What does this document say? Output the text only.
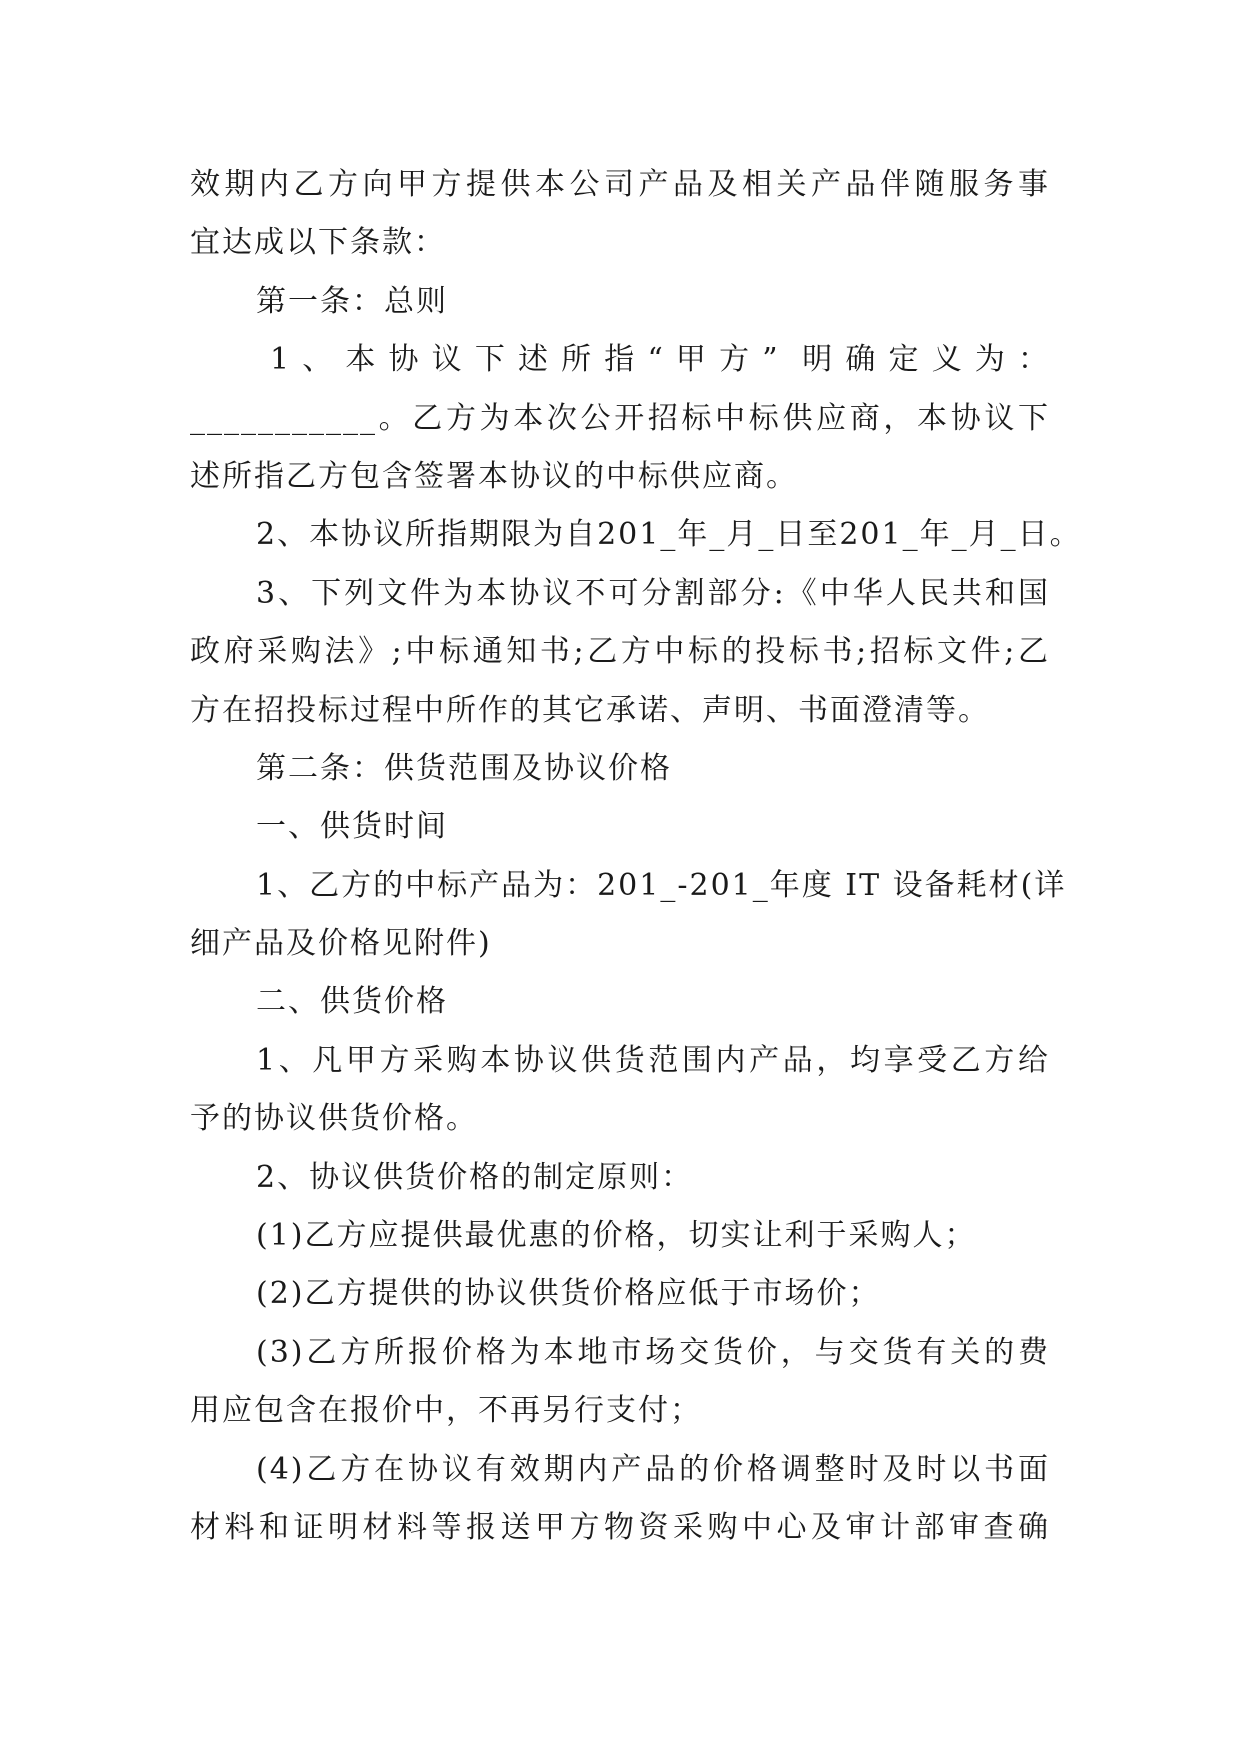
效期内乙方向甲方提供本公司产品及相关产品伴随服务事
宜达成以下条款：
第一条：总则
1、本协议下述所指“甲方” 明确定义为：
___________。乙方为本次公开招标中标供应商，本协议下
述所指乙方包含签署本协议的中标供应商。
2、本协议所指期限为自201_年_月_日至201_年_月_日。
3、下列文件为本协议不可分割部分:《中华人民共和国
政府采购法》;中标通知书;乙方中标的投标书;招标文件;乙
方在招投标过程中所作的其它承诺、声明、书面澄清等。
第二条：供货范围及协议价格
一、供货时间
1、乙方的中标产品为：201_-201_年度 IT 设备耗材(详
细产品及价格见附件)
二、供货价格
1、凡甲方采购本协议供货范围内产品，均享受乙方给
予的协议供货价格。
2、协议供货价格的制定原则：
(1)乙方应提供最优惠的价格，切实让利于采购人；
(2)乙方提供的协议供货价格应低于市场价；
(3)乙方所报价格为本地市场交货价，与交货有关的费
用应包含在报价中，不再另行支付；
(4)乙方在协议有效期内产品的价格调整时及时以书面
材料和证明材料等报送甲方物资采购中心及审计部审查确
